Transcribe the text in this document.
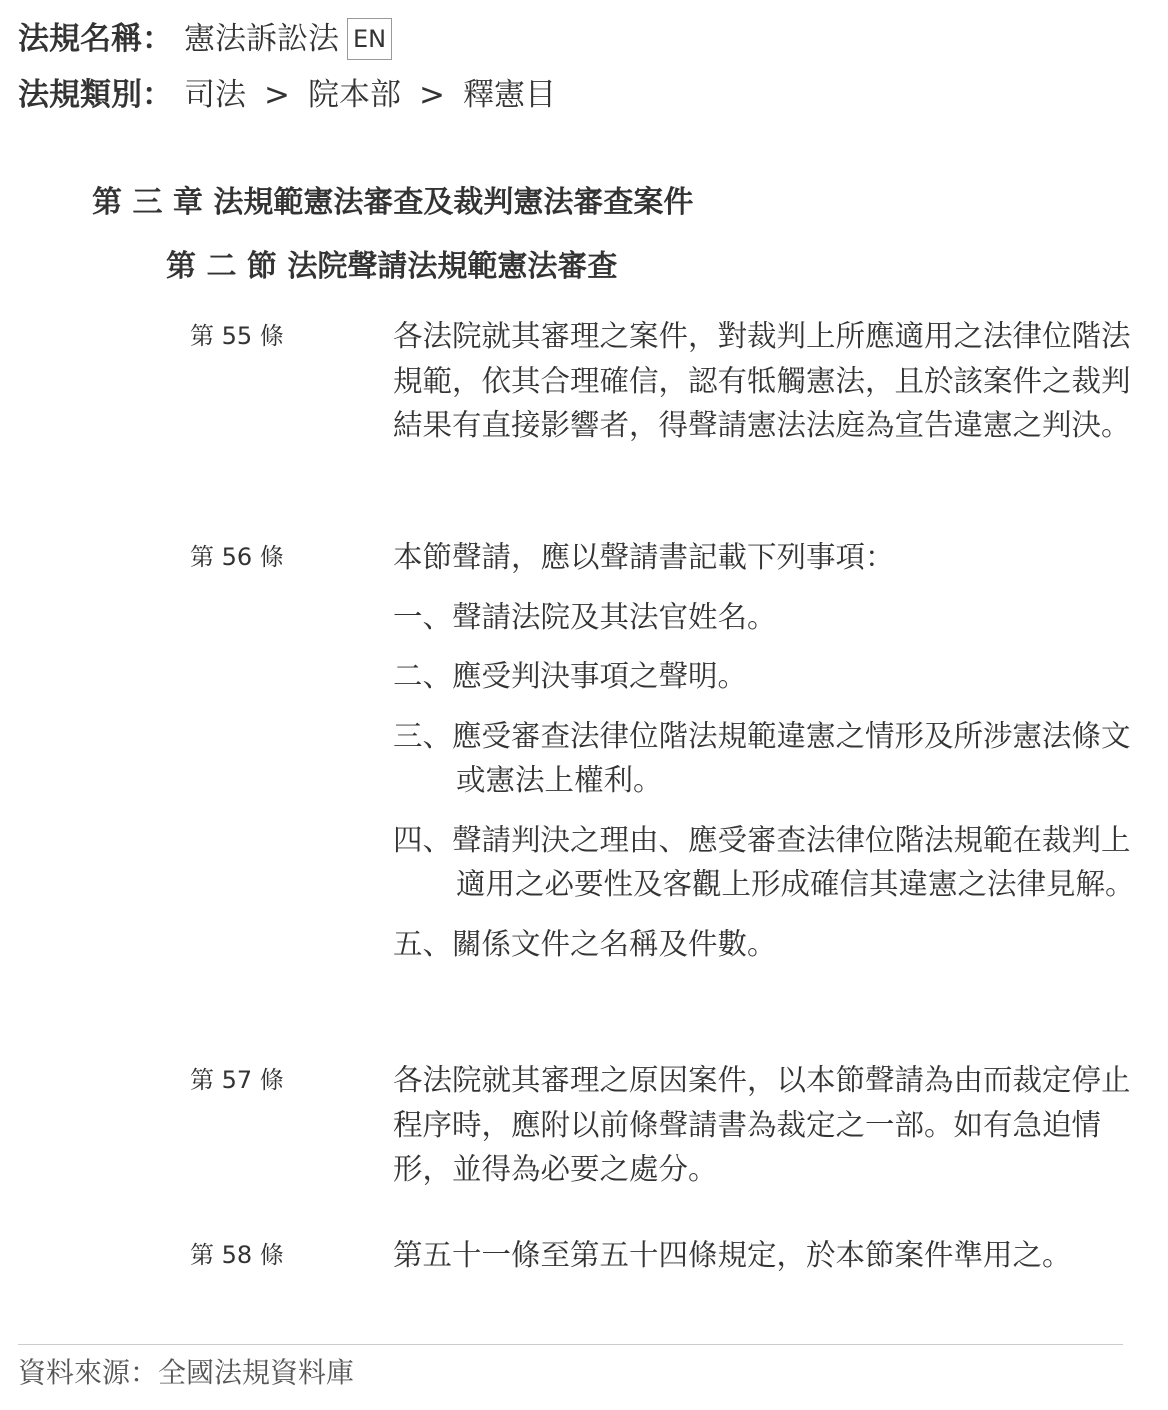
法規名稱： 憲法訴訟法 EN
法規類別： 司法 > 院本部 > 釋憲目
第 三 章 法規範憲法審查及裁判憲法審查案件
第 二 節 法院聲請法規範憲法審查
第 55 條	各法院就其審理之案件，對裁判上所應適用之法律位階法規範，依其合理確信，認有牴觸憲法，且於該案件之裁判結果有直接影響者，得聲請憲法法庭為宣告違憲之判決。

第 56 條	本節聲請，應以聲請書記載下列事項：

一、聲請法院及其法官姓名。
二、應受判決事項之聲明。
三、應受審查法律位階法規範違憲之情形及所涉憲法條文或憲法上權利。
四、聲請判決之理由、應受審查法律位階法規範在裁判上適用之必要性及客觀上形成確信其違憲之法律見解。
五、關係文件之名稱及件數。
第 57 條	各法院就其審理之原因案件，以本節聲請為由而裁定停止程序時，應附以前條聲請書為裁定之一部。如有急迫情形，並得為必要之處分。

第 58 條	第五十一條至第五十四條規定，於本節案件準用之。

資料來源：全國法規資料庫
